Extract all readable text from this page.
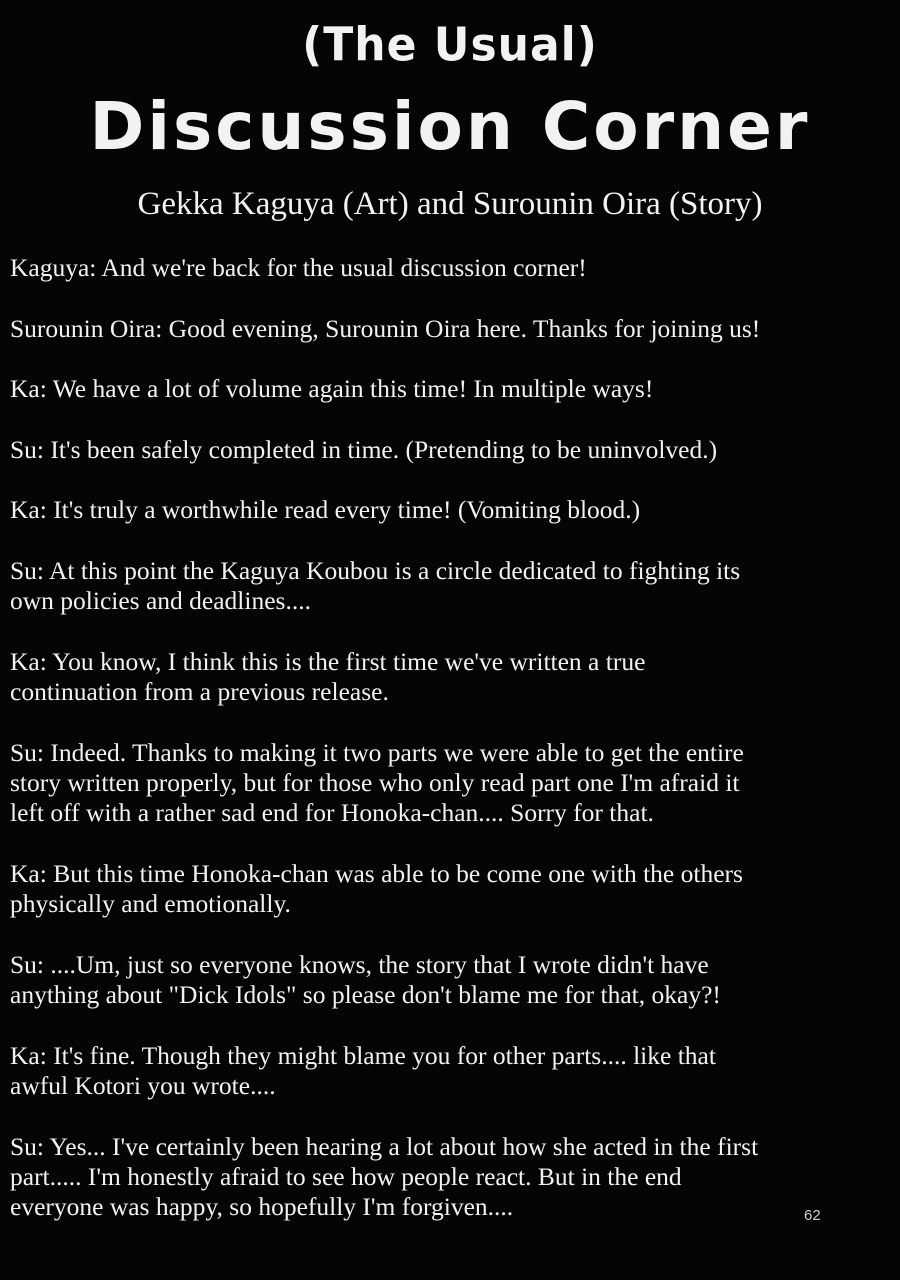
(The Usual)
Discussion Corner
Gekka Kaguya (Art) and Surounin Oira (Story)
Kaguya: And we're back for the usual discussion corner!
Surounin Oira: Good evening, Surounin Oira here. Thanks for joining us!
Ka: We have a lot of volume again this time! In multiple ways!
Su: It's been safely completed in time. (Pretending to be uninvolved.)
Ka: It's truly a worthwhile read every time! (Vomiting blood.)
Su: At this point the Kaguya Koubou is a circle dedicated to fighting its
own policies and deadlines....
Ka: You know, I think this is the first time we've written a true
continuation from a previous release.
Su: Indeed. Thanks to making it two parts we were able to get the entire
story written properly, but for those who only read part one I'm afraid it
left off with a rather sad end for Honoka-chan.... Sorry for that.
Ka: But this time Honoka-chan was able to be come one with the others
physically and emotionally.
Su: ....Um, just so everyone knows, the story that I wrote didn't have
anything about "Dick Idols" so please don't blame me for that, okay?!
Ka: It's fine. Though they might blame you for other parts.... like that
awful Kotori you wrote....
Su: Yes... I've certainly been hearing a lot about how she acted in the first
part..... I'm honestly afraid to see how people react. But in the end
everyone was happy, so hopefully I'm forgiven....	62
